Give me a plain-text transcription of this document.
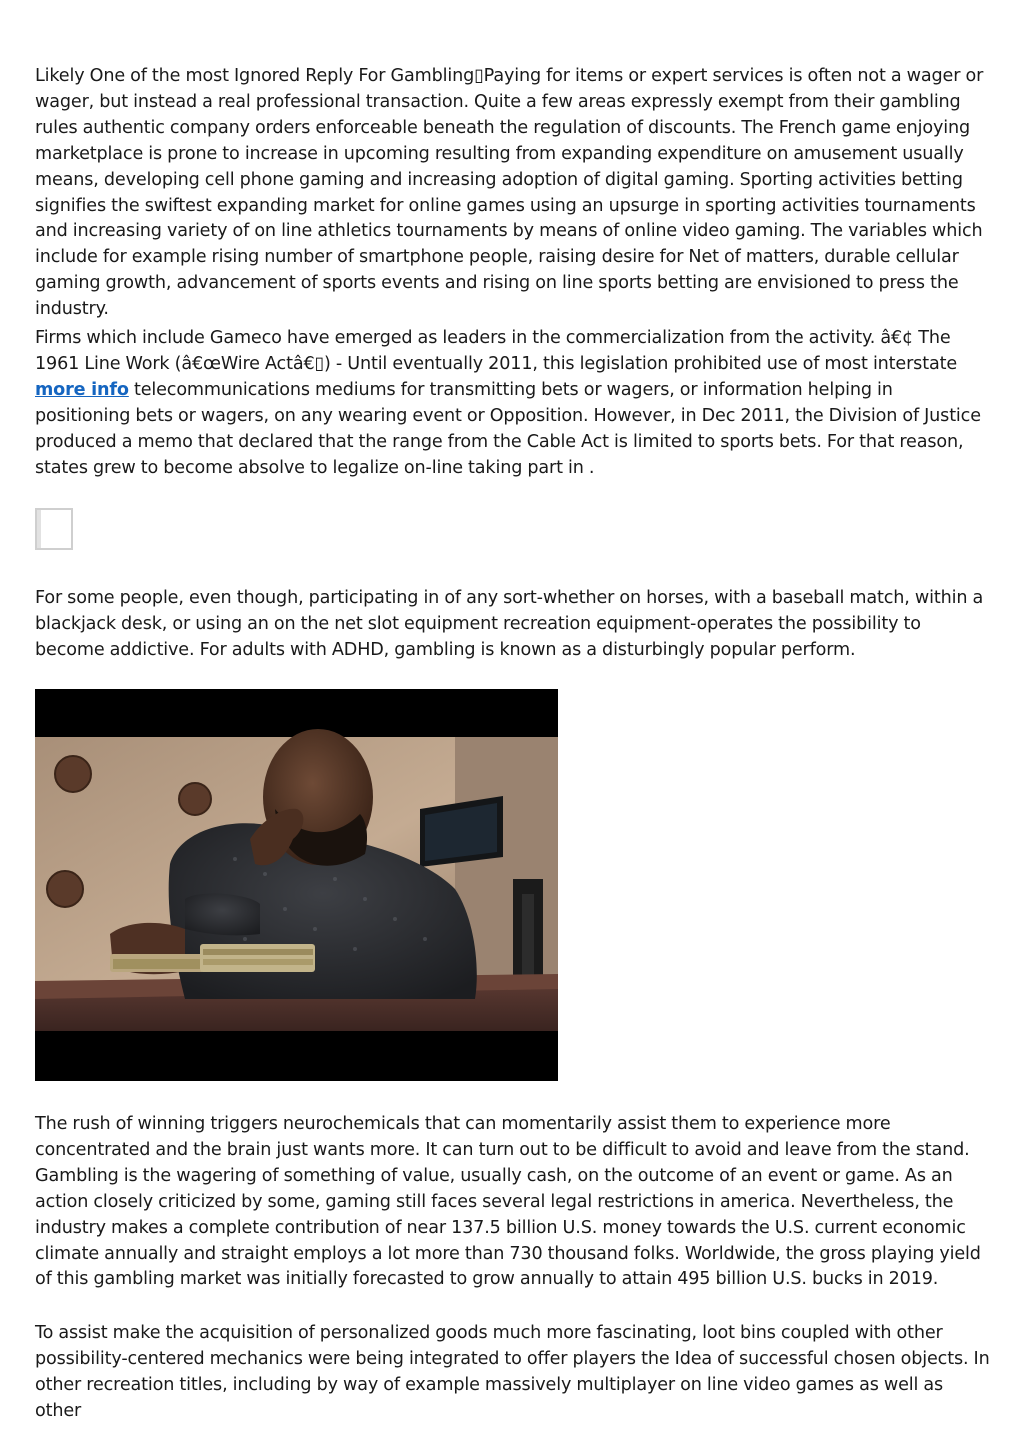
Likely One of the most Ignored Reply For Gambling▯Paying for items or expert services is often not a wager or wager, but instead a real professional transaction. Quite a few areas expressly exempt from their gambling rules authentic company orders enforceable beneath the regulation of discounts. The French game enjoying marketplace is prone to increase in upcoming resulting from expanding expenditure on amusement usually means, developing cell phone gaming and increasing adoption of digital gaming. Sporting activities betting signifies the swiftest expanding market for online games using an upsurge in sporting activities tournaments and increasing variety of on line athletics tournaments by means of online video gaming. The variables which include for example rising number of smartphone people, raising desire for Net of matters, durable cellular gaming growth, advancement of sports events and rising on line sports betting are envisioned to press the industry.

Firms which include Gameco have emerged as leaders in the commercialization from the activity. â€¢ The 1961 Line Work (â€œWire Actâ€▯) - Until eventually 2011, this legislation prohibited use of most interstate more info telecommunications mediums for transmitting bets or wagers, or information helping in positioning bets or wagers, on any wearing event or Opposition. However, in Dec 2011, the Division of Justice produced a memo that declared that the range from the Cable Act is limited to sports bets. For that reason, states grew to become absolve to legalize on-line taking part in .

For some people, even though, participating in of any sort-whether on horses, with a baseball match, within a blackjack desk, or using an on the net slot equipment recreation equipment-operates the possibility to become addictive. For adults with ADHD, gambling is known as a disturbingly popular perform.

The rush of winning triggers neurochemicals that can momentarily assist them to experience more concentrated and the brain just wants more. It can turn out to be difficult to avoid and leave from the stand. Gambling is the wagering of something of value, usually cash, on the outcome of an event or game. As an action closely criticized by some, gaming still faces several legal restrictions in america. Nevertheless, the industry makes a complete contribution of near 137.5 billion U.S. money towards the U.S. current economic climate annually and straight employs a lot more than 730 thousand folks. Worldwide, the gross playing yield of this gambling market was initially forecasted to grow annually to attain 495 billion U.S. bucks in 2019.

To assist make the acquisition of personalized goods much more fascinating, loot bins coupled with other possibility-centered mechanics were being integrated to offer players the Idea of successful chosen objects. In other recreation titles, including by way of example massively multiplayer on line video games as well as other
